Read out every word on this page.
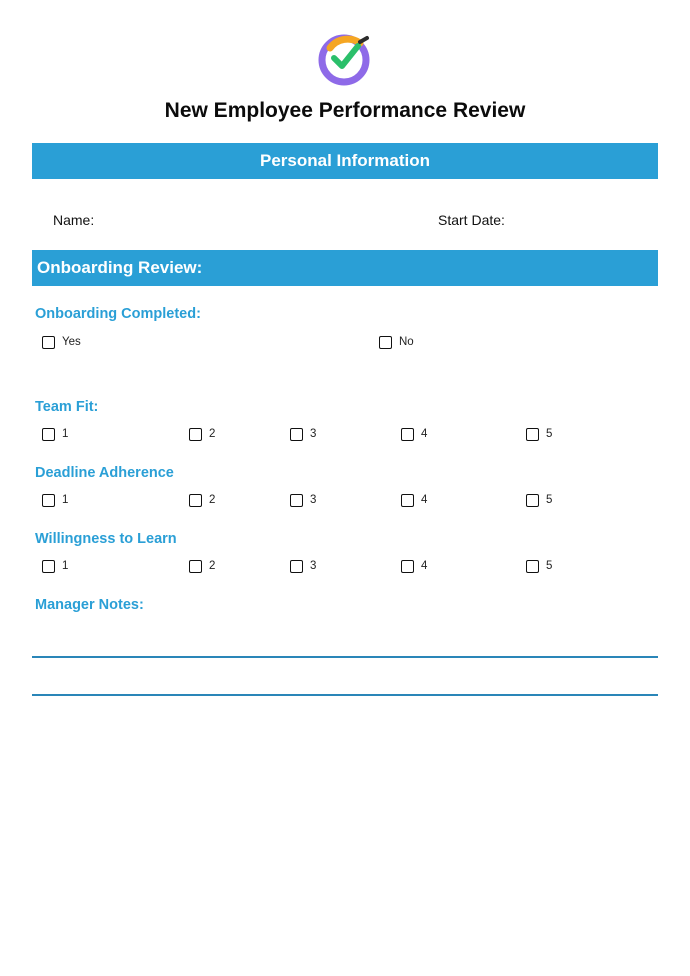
New Employee Performance Review
Personal Information
Name:	Start Date:
Onboarding Review:
Onboarding Completed:
Yes	No
Team Fit:
1	2	3	4	5
Deadline Adherence
1	2	3	4	5
Willingness to Learn
1	2	3	4	5
Manager Notes:
